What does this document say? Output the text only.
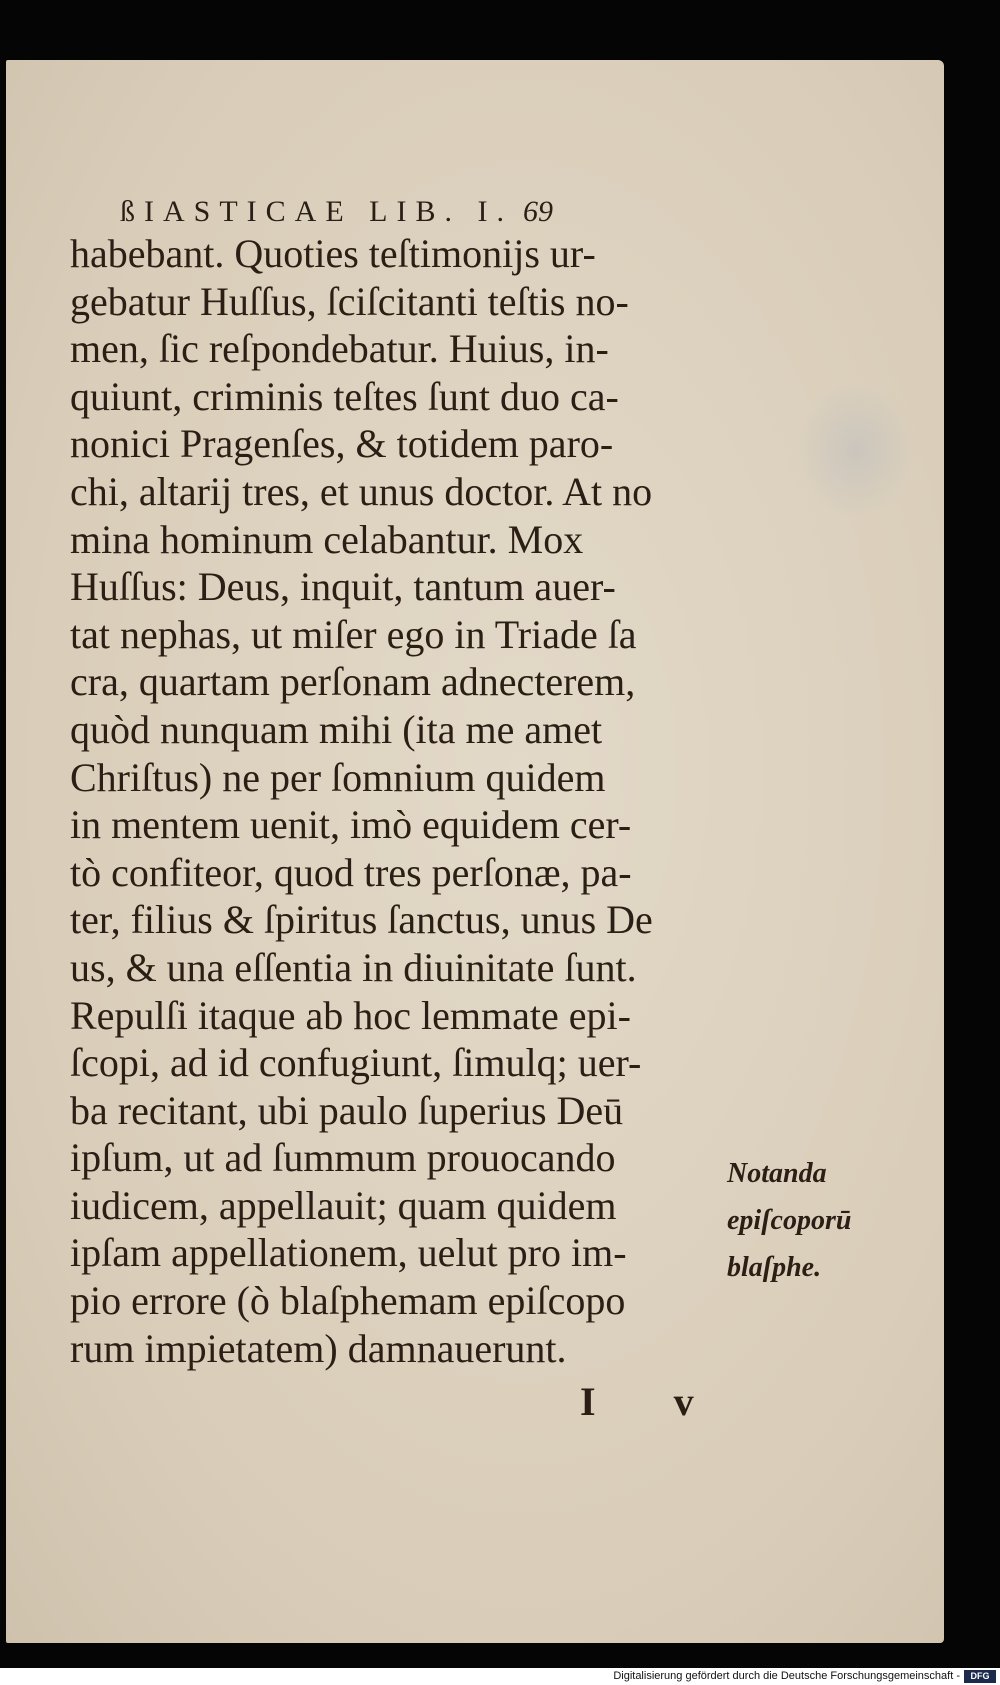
ßIASTICAE LIB. I. 69

habebant. Quoties teſtimonijs ur-
gebatur Huſſus, ſciſcitanti teſtis no-
men, ſic reſpondebatur. Huius, in-
quiunt, criminis teſtes ſunt duo ca-
nonici Pragenſes, & totidem paro-
chi, altarij tres, et unus doctor. At no
mina hominum celabantur. Mox
Huſſus: Deus, inquit, tantum auer-
tat nephas, ut miſer ego in Triade ſa
cra, quartam perſonam adnecterem,
quòd nunquam mihi (ita me amet
Chriſtus) ne per ſomnium quidem
in mentem uenit, imò equidem cer-
tò confiteor, quod tres perſonæ, pa-
ter, filius & ſpiritus ſanctus, unus De
us, & una eſſentia in diuinitate ſunt.
Repulſi itaque ab hoc lemmate epi-
ſcopi, ad id confugiunt, ſimulq; uer-
ba recitant, ubi paulo ſuperius Deū
ipſum, ut ad ſummum prouocando
iudicem, appellauit; quam quidem
ipſam appellationem, uelut pro im-
pio errore (ò blaſphemam epiſcopo
rum impietatem) damnauerunt.

I v

Notanda
epiſcoporū
blaſphe.

Digitalisierung gefördert durch die Deutsche Forschungsgemeinschaft -	DFG
